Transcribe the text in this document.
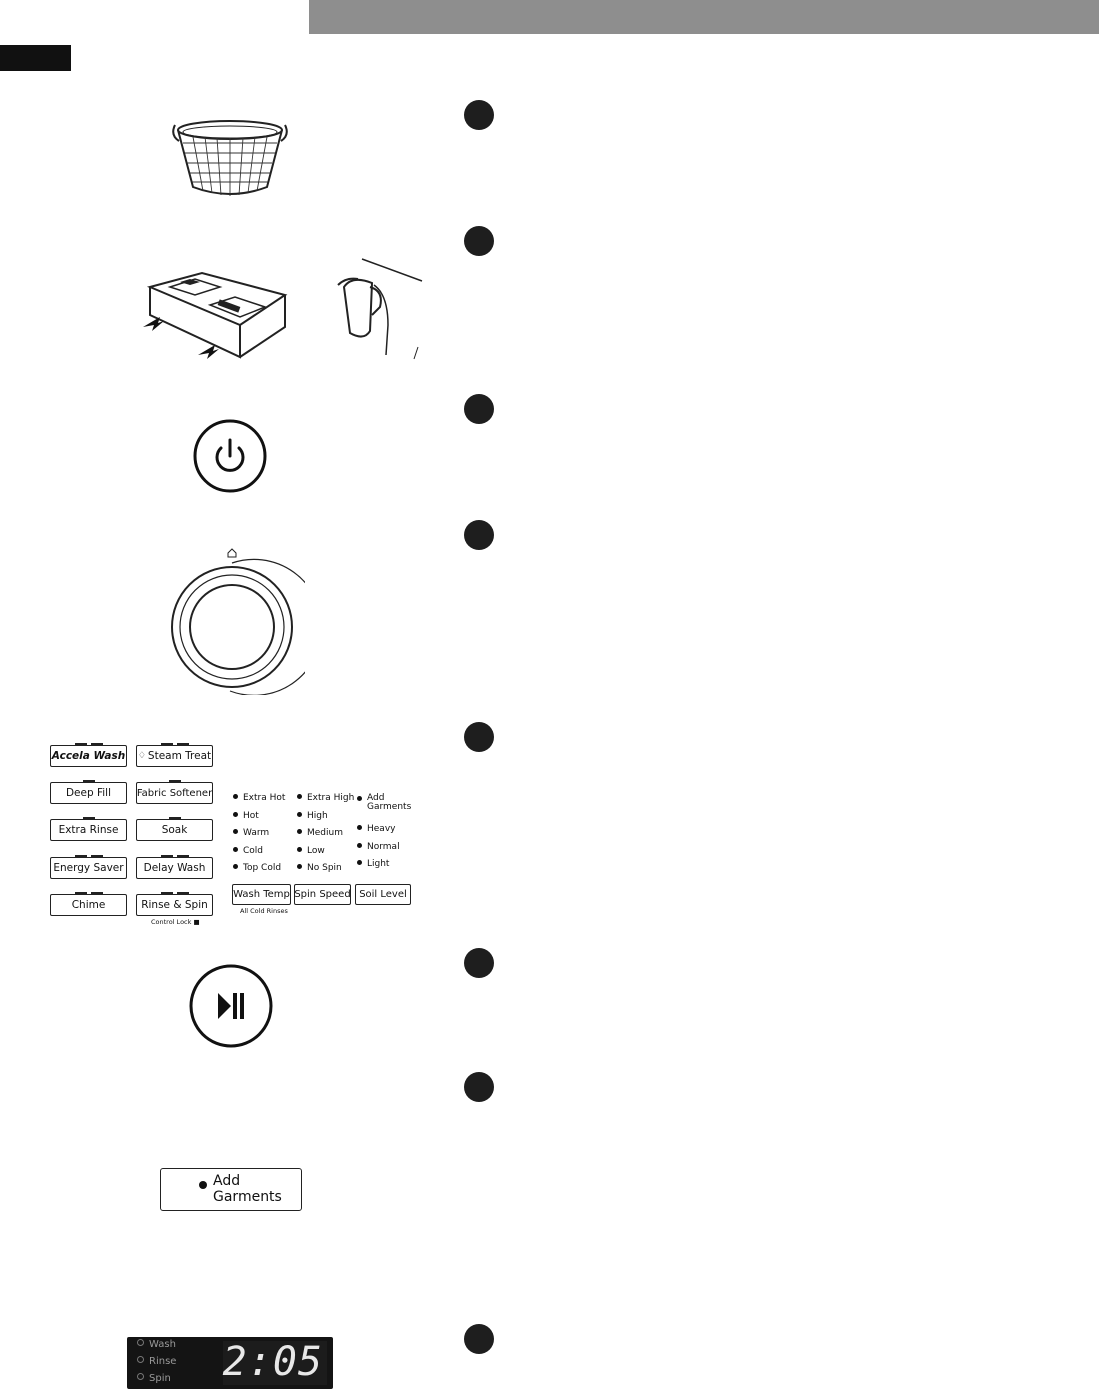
Accela Wash
Deep Fill
Extra Rinse
Energy Saver
Chime
♢ Steam Treat
Fabric Softener
Soak
Delay Wash
Rinse & Spin
Control Lock ■
Extra Hot
Hot
Warm
Cold
Top Cold
Extra High
High
Medium
Low
No Spin
Add Garments
Heavy
Normal
Light
Wash Temp Spin Speed Soil Level
All Cold Rinses
Add
Garments
Wash
Rinse
Spin 2:05
